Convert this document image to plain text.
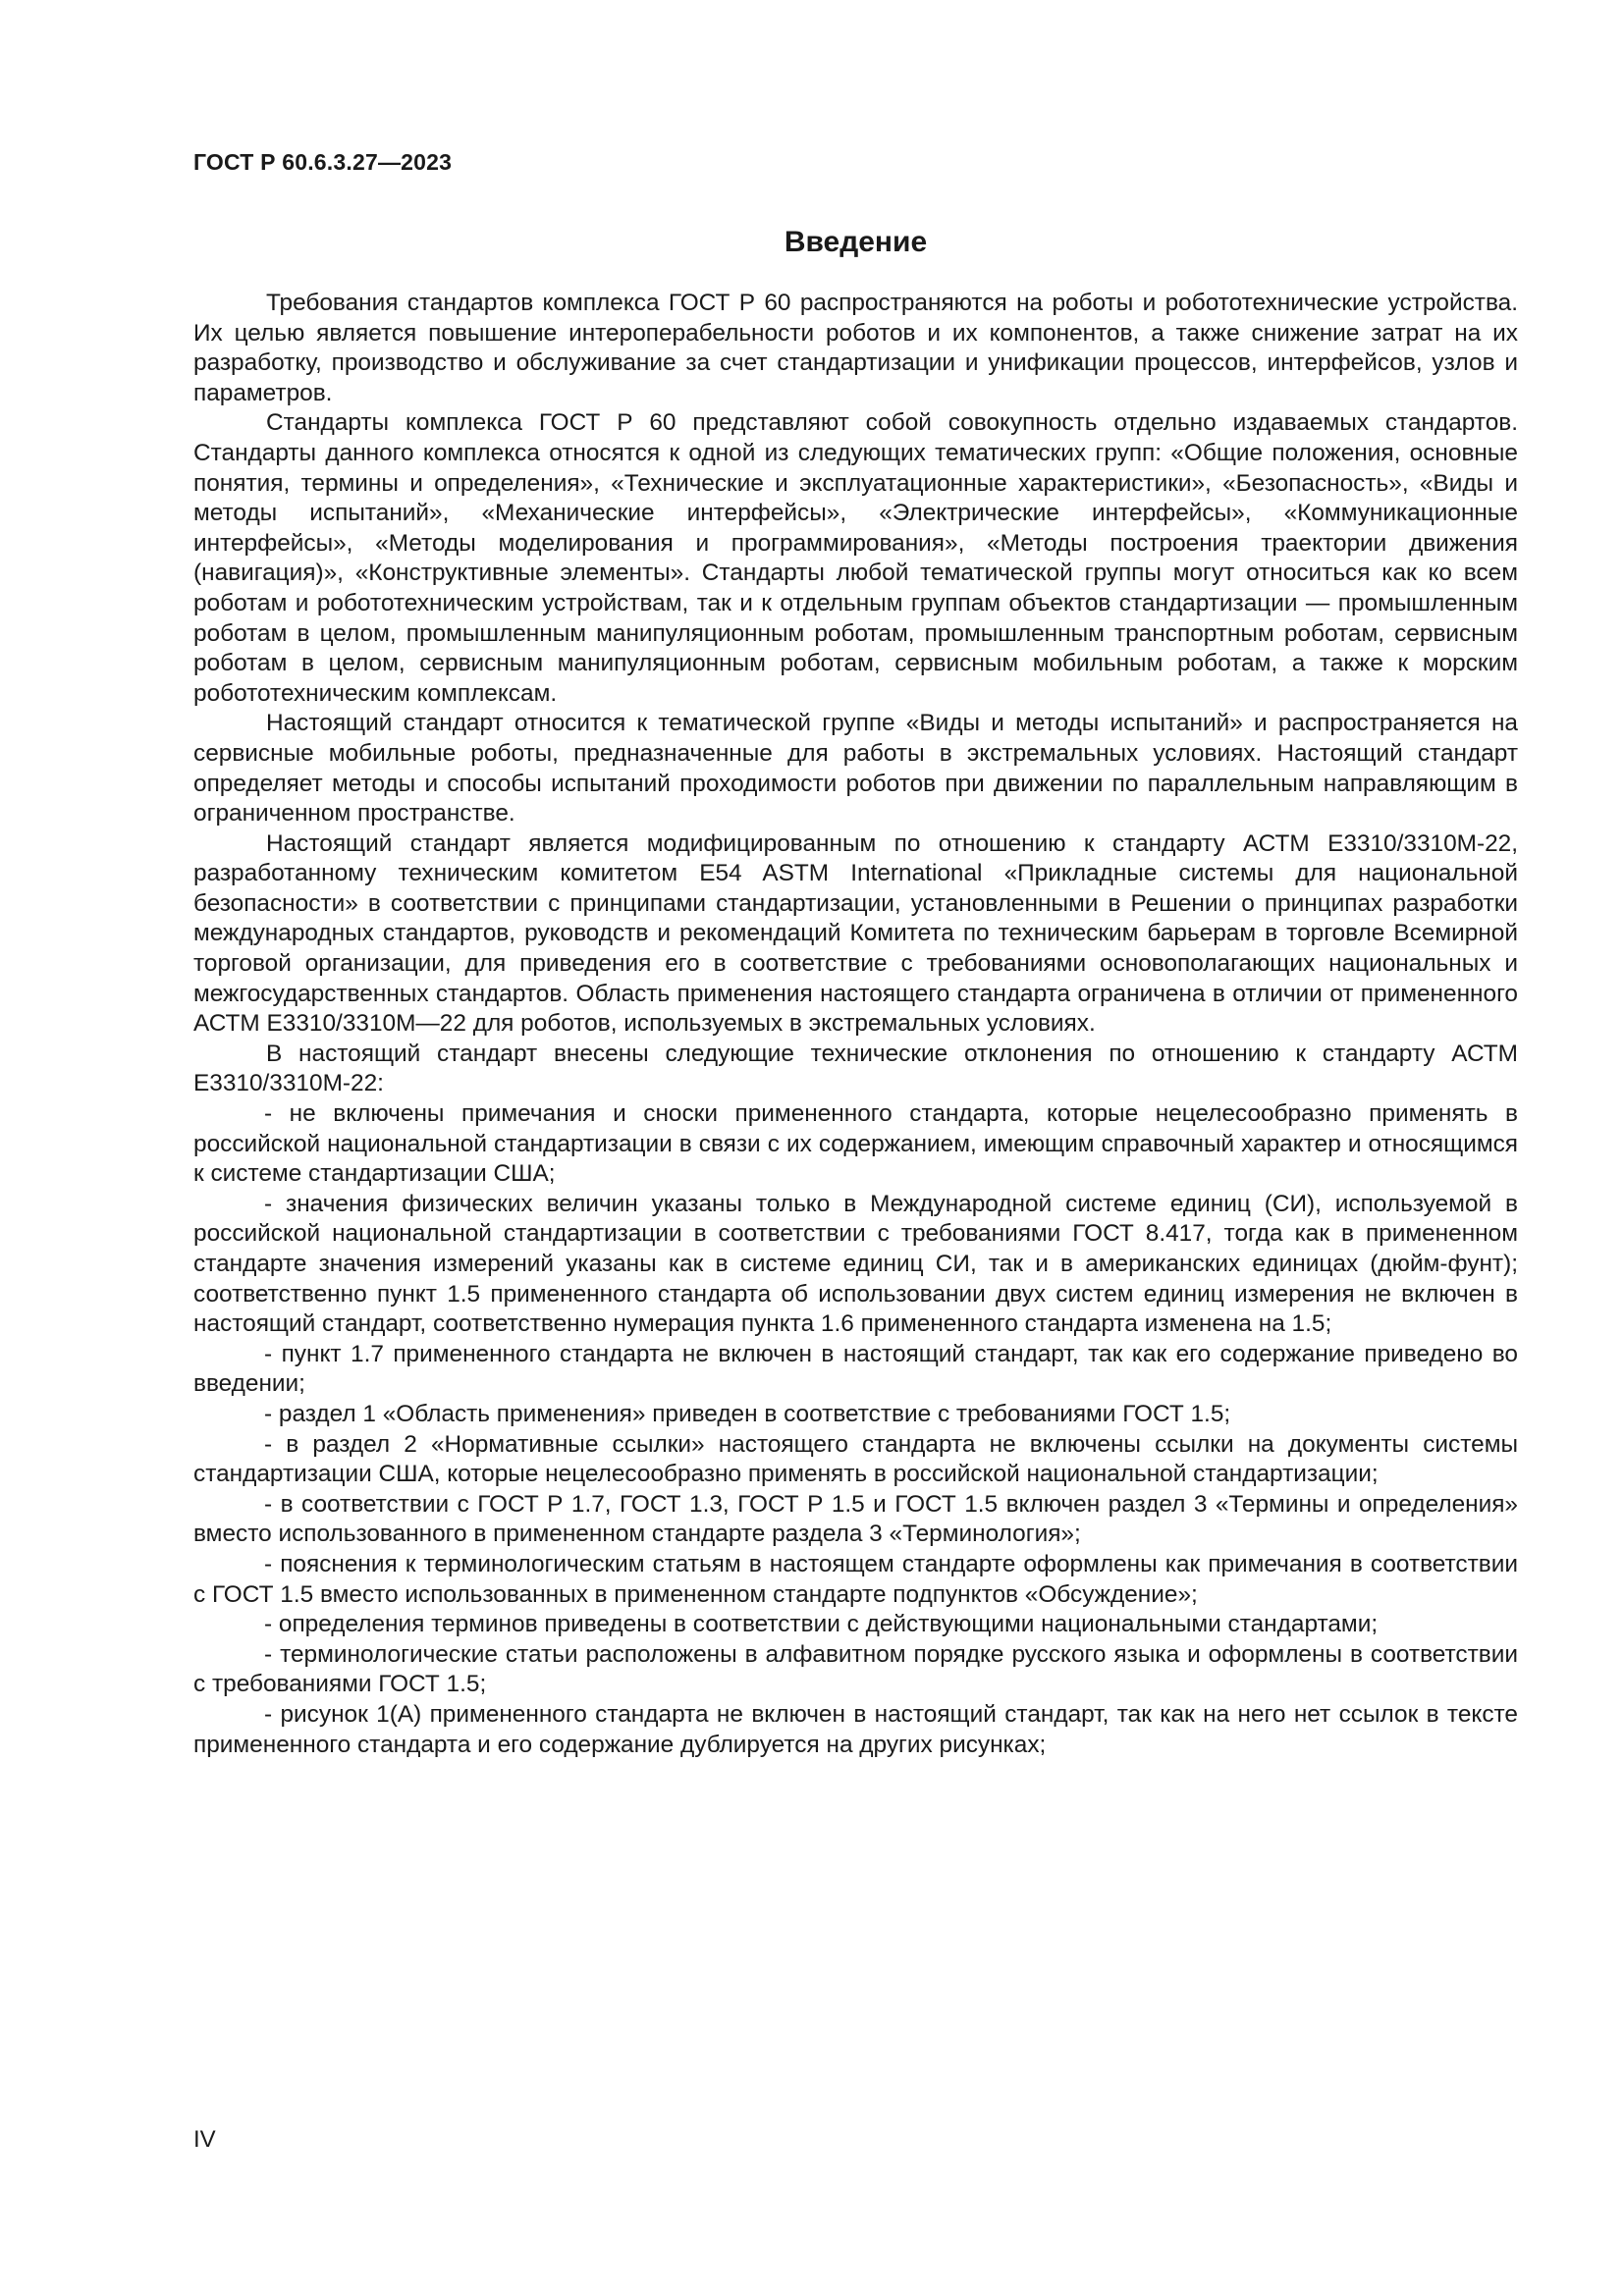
ГОСТ Р 60.6.3.27—2023

Введение

Требования стандартов комплекса ГОСТ Р 60 распространяются на роботы и робототехнические устройства. Их целью является повышение интероперабельности роботов и их компонентов, а также снижение затрат на их разработку, производство и обслуживание за счет стандартизации и унификации процессов, интерфейсов, узлов и параметров.

Стандарты комплекса ГОСТ Р 60 представляют собой совокупность отдельно издаваемых стандартов. Стандарты данного комплекса относятся к одной из следующих тематических групп: «Общие положения, основные понятия, термины и определения», «Технические и эксплуатационные характеристики», «Безопасность», «Виды и методы испытаний», «Механические интерфейсы», «Электрические интерфейсы», «Коммуникационные интерфейсы», «Методы моделирования и программирования», «Методы построения траектории движения (навигация)», «Конструктивные элементы». Стандарты любой тематической группы могут относиться как ко всем роботам и робототехническим устройствам, так и к отдельным группам объектов стандартизации — промышленным роботам в целом, промышленным манипуляционным роботам, промышленным транспортным роботам, сервисным роботам в целом, сервисным манипуляционным роботам, сервисным мобильным роботам, а также к морским робототехническим комплексам.

Настоящий стандарт относится к тематической группе «Виды и методы испытаний» и распространяется на сервисные мобильные роботы, предназначенные для работы в экстремальных условиях. Настоящий стандарт определяет методы и способы испытаний проходимости роботов при движении по параллельным направляющим в ограниченном пространстве.

Настоящий стандарт является модифицированным по отношению к стандарту АСТМ Е3310/3310М-22, разработанному техническим комитетом E54 ASTM International «Прикладные системы для национальной безопасности» в соответствии с принципами стандартизации, установленными в Решении о принципах разработки международных стандартов, руководств и рекомендаций Комитета по техническим барьерам в торговле Всемирной торговой организации, для приведения его в соответствие с требованиями основополагающих национальных и межгосударственных стандартов. Область применения настоящего стандарта ограничена в отличии от примененного АСТМ Е3310/3310М—22 для роботов, используемых в экстремальных условиях.

В настоящий стандарт внесены следующие технические отклонения по отношению к стандарту АСТМ Е3310/3310М-22:

- не включены примечания и сноски примененного стандарта, которые нецелесообразно применять в российской национальной стандартизации в связи с их содержанием, имеющим справочный характер и относящимся к системе стандартизации США;

- значения физических величин указаны только в Международной системе единиц (СИ), используемой в российской национальной стандартизации в соответствии с требованиями ГОСТ 8.417, тогда как в примененном стандарте значения измерений указаны как в системе единиц СИ, так и в американских единицах (дюйм-фунт); соответственно пункт 1.5 примененного стандарта об использовании двух систем единиц измерения не включен в настоящий стандарт, соответственно нумерация пункта 1.6 примененного стандарта изменена на 1.5;

- пункт 1.7 примененного стандарта не включен в настоящий стандарт, так как его содержание приведено во введении;

- раздел 1 «Область применения» приведен в соответствие с требованиями ГОСТ 1.5;

- в раздел 2 «Нормативные ссылки» настоящего стандарта не включены ссылки на документы системы стандартизации США, которые нецелесообразно применять в российской национальной стандартизации;

- в соответствии с ГОСТ Р 1.7, ГОСТ 1.3, ГОСТ Р 1.5 и ГОСТ 1.5 включен раздел 3 «Термины и определения» вместо использованного в примененном стандарте раздела 3 «Терминология»;

- пояснения к терминологическим статьям в настоящем стандарте оформлены как примечания в соответствии с ГОСТ 1.5 вместо использованных в примененном стандарте подпунктов «Обсуждение»;

- определения терминов приведены в соответствии с действующими национальными стандартами;

- терминологические статьи расположены в алфавитном порядке русского языка и оформлены в соответствии с требованиями ГОСТ 1.5;

- рисунок 1(А) примененного стандарта не включен в настоящий стандарт, так как на него нет ссылок в тексте примененного стандарта и его содержание дублируется на других рисунках;

IV
